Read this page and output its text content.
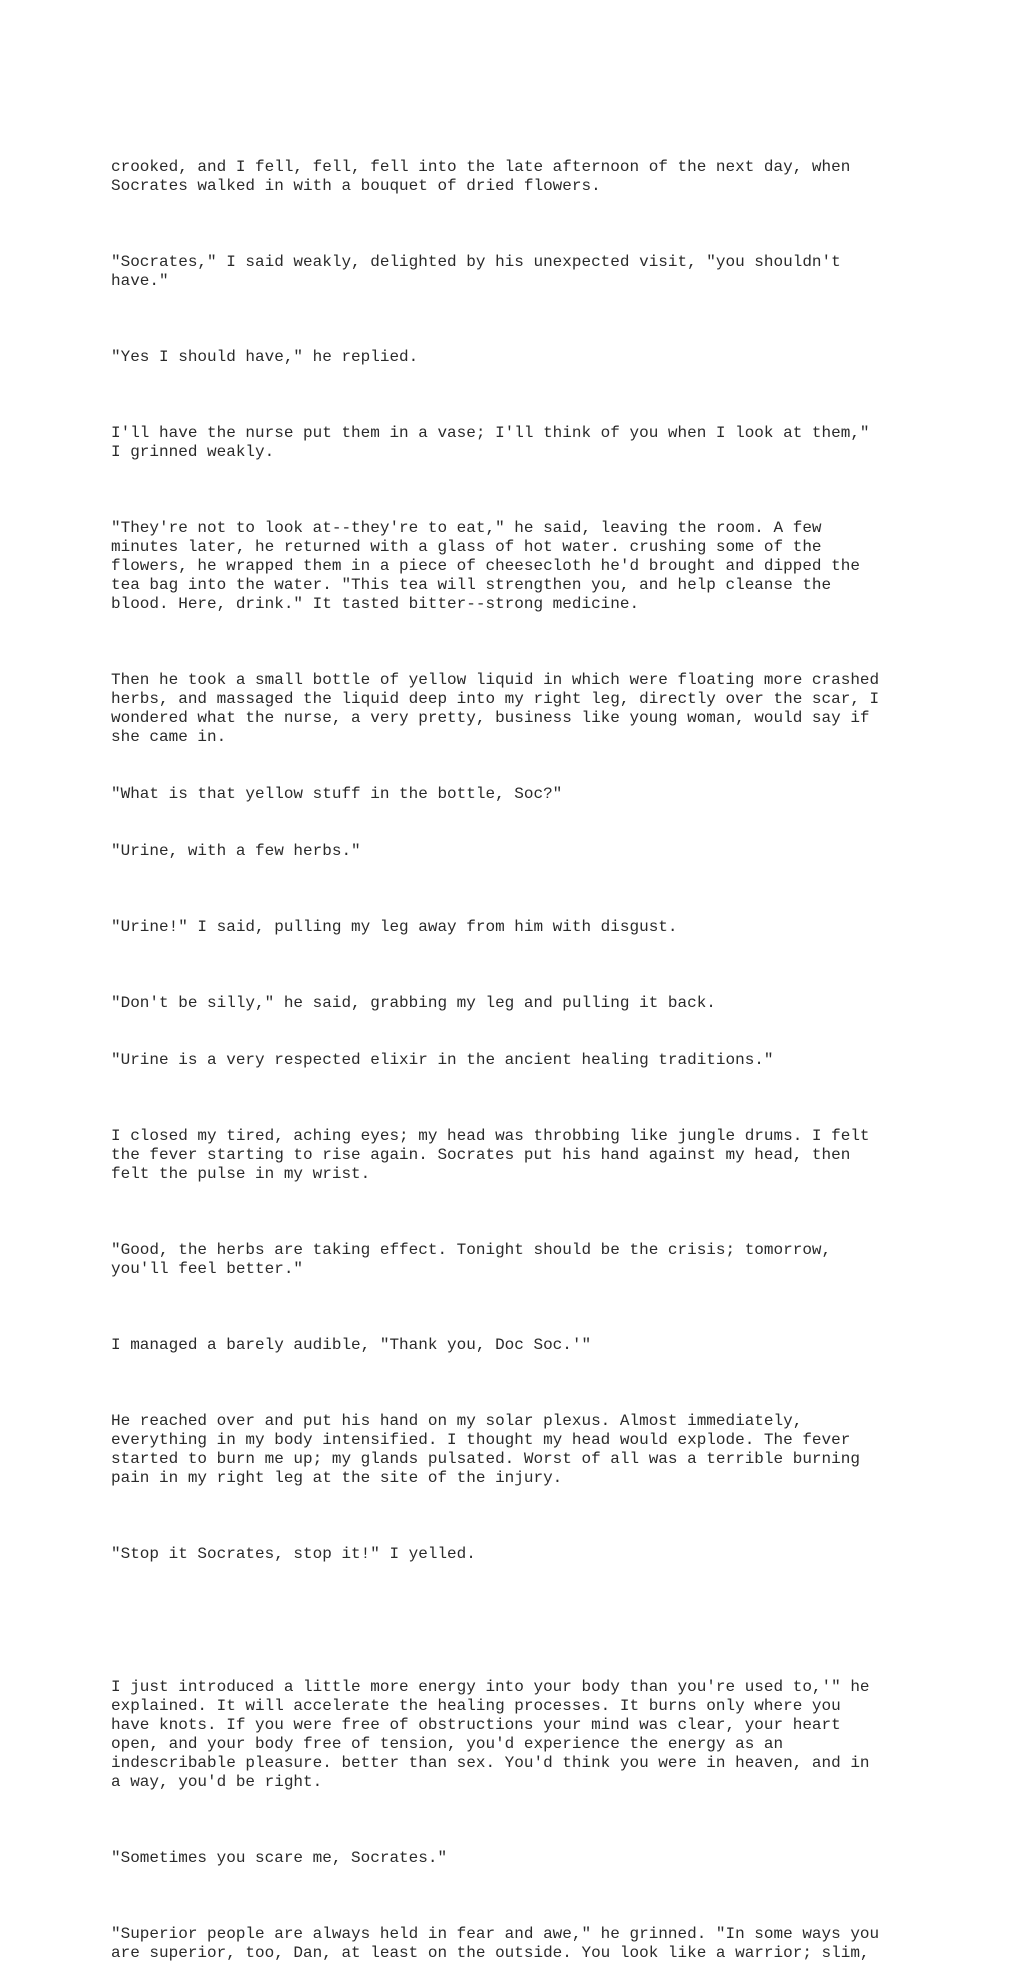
crooked, and I fell, fell, fell into the late afternoon of the next day, when
Socrates walked in with a bouquet of dried flowers.

"Socrates," I said weakly, delighted by his unexpected visit, "you shouldn't
have."

"Yes I should have," he replied.

I'll have the nurse put them in a vase; I'll think of you when I look at them,"
I grinned weakly.

"They're not to look at--they're to eat," he said, leaving the room. A few
minutes later, he returned with a glass of hot water. crushing some of the
flowers, he wrapped them in a piece of cheesecloth he'd brought and dipped the
tea bag into the water. "This tea will strengthen you, and help cleanse the
blood. Here, drink." It tasted bitter--strong medicine.

Then he took a small bottle of yellow liquid in which were floating more crashed
herbs, and massaged the liquid deep into my right leg, directly over the scar, I
wondered what the nurse, a very pretty, business like young woman, would say if
she came in.

"What is that yellow stuff in the bottle, Soc?"

"Urine, with a few herbs."

"Urine!" I said, pulling my leg away from him with disgust.

"Don't be silly," he said, grabbing my leg and pulling it back.

"Urine is a very respected elixir in the ancient healing traditions."

I closed my tired, aching eyes; my head was throbbing like jungle drums. I felt
the fever starting to rise again. Socrates put his hand against my head, then
felt the pulse in my wrist.

"Good, the herbs are taking effect. Tonight should be the crisis; tomorrow,
you'll feel better."

I managed a barely audible, "Thank you, Doc Soc.'"

He reached over and put his hand on my solar plexus. Almost immediately,
everything in my body intensified. I thought my head would explode. The fever
started to burn me up; my glands pulsated. Worst of all was a terrible burning
pain in my right leg at the site of the injury.

"Stop it Socrates, stop it!" I yelled.

I just introduced a little more energy into your body than you're used to,'" he
explained. It will accelerate the healing processes. It burns only where you
have knots. If you were free of obstructions your mind was clear, your heart
open, and your body free of tension, you'd experience the energy as an
indescribable pleasure. better than sex. You'd think you were in heaven, and in
a way, you'd be right.

"Sometimes you scare me, Socrates."

"Superior people are always held in fear and awe," he grinned. "In some ways you
are superior, too, Dan, at least on the outside. You look like a warrior; slim,
